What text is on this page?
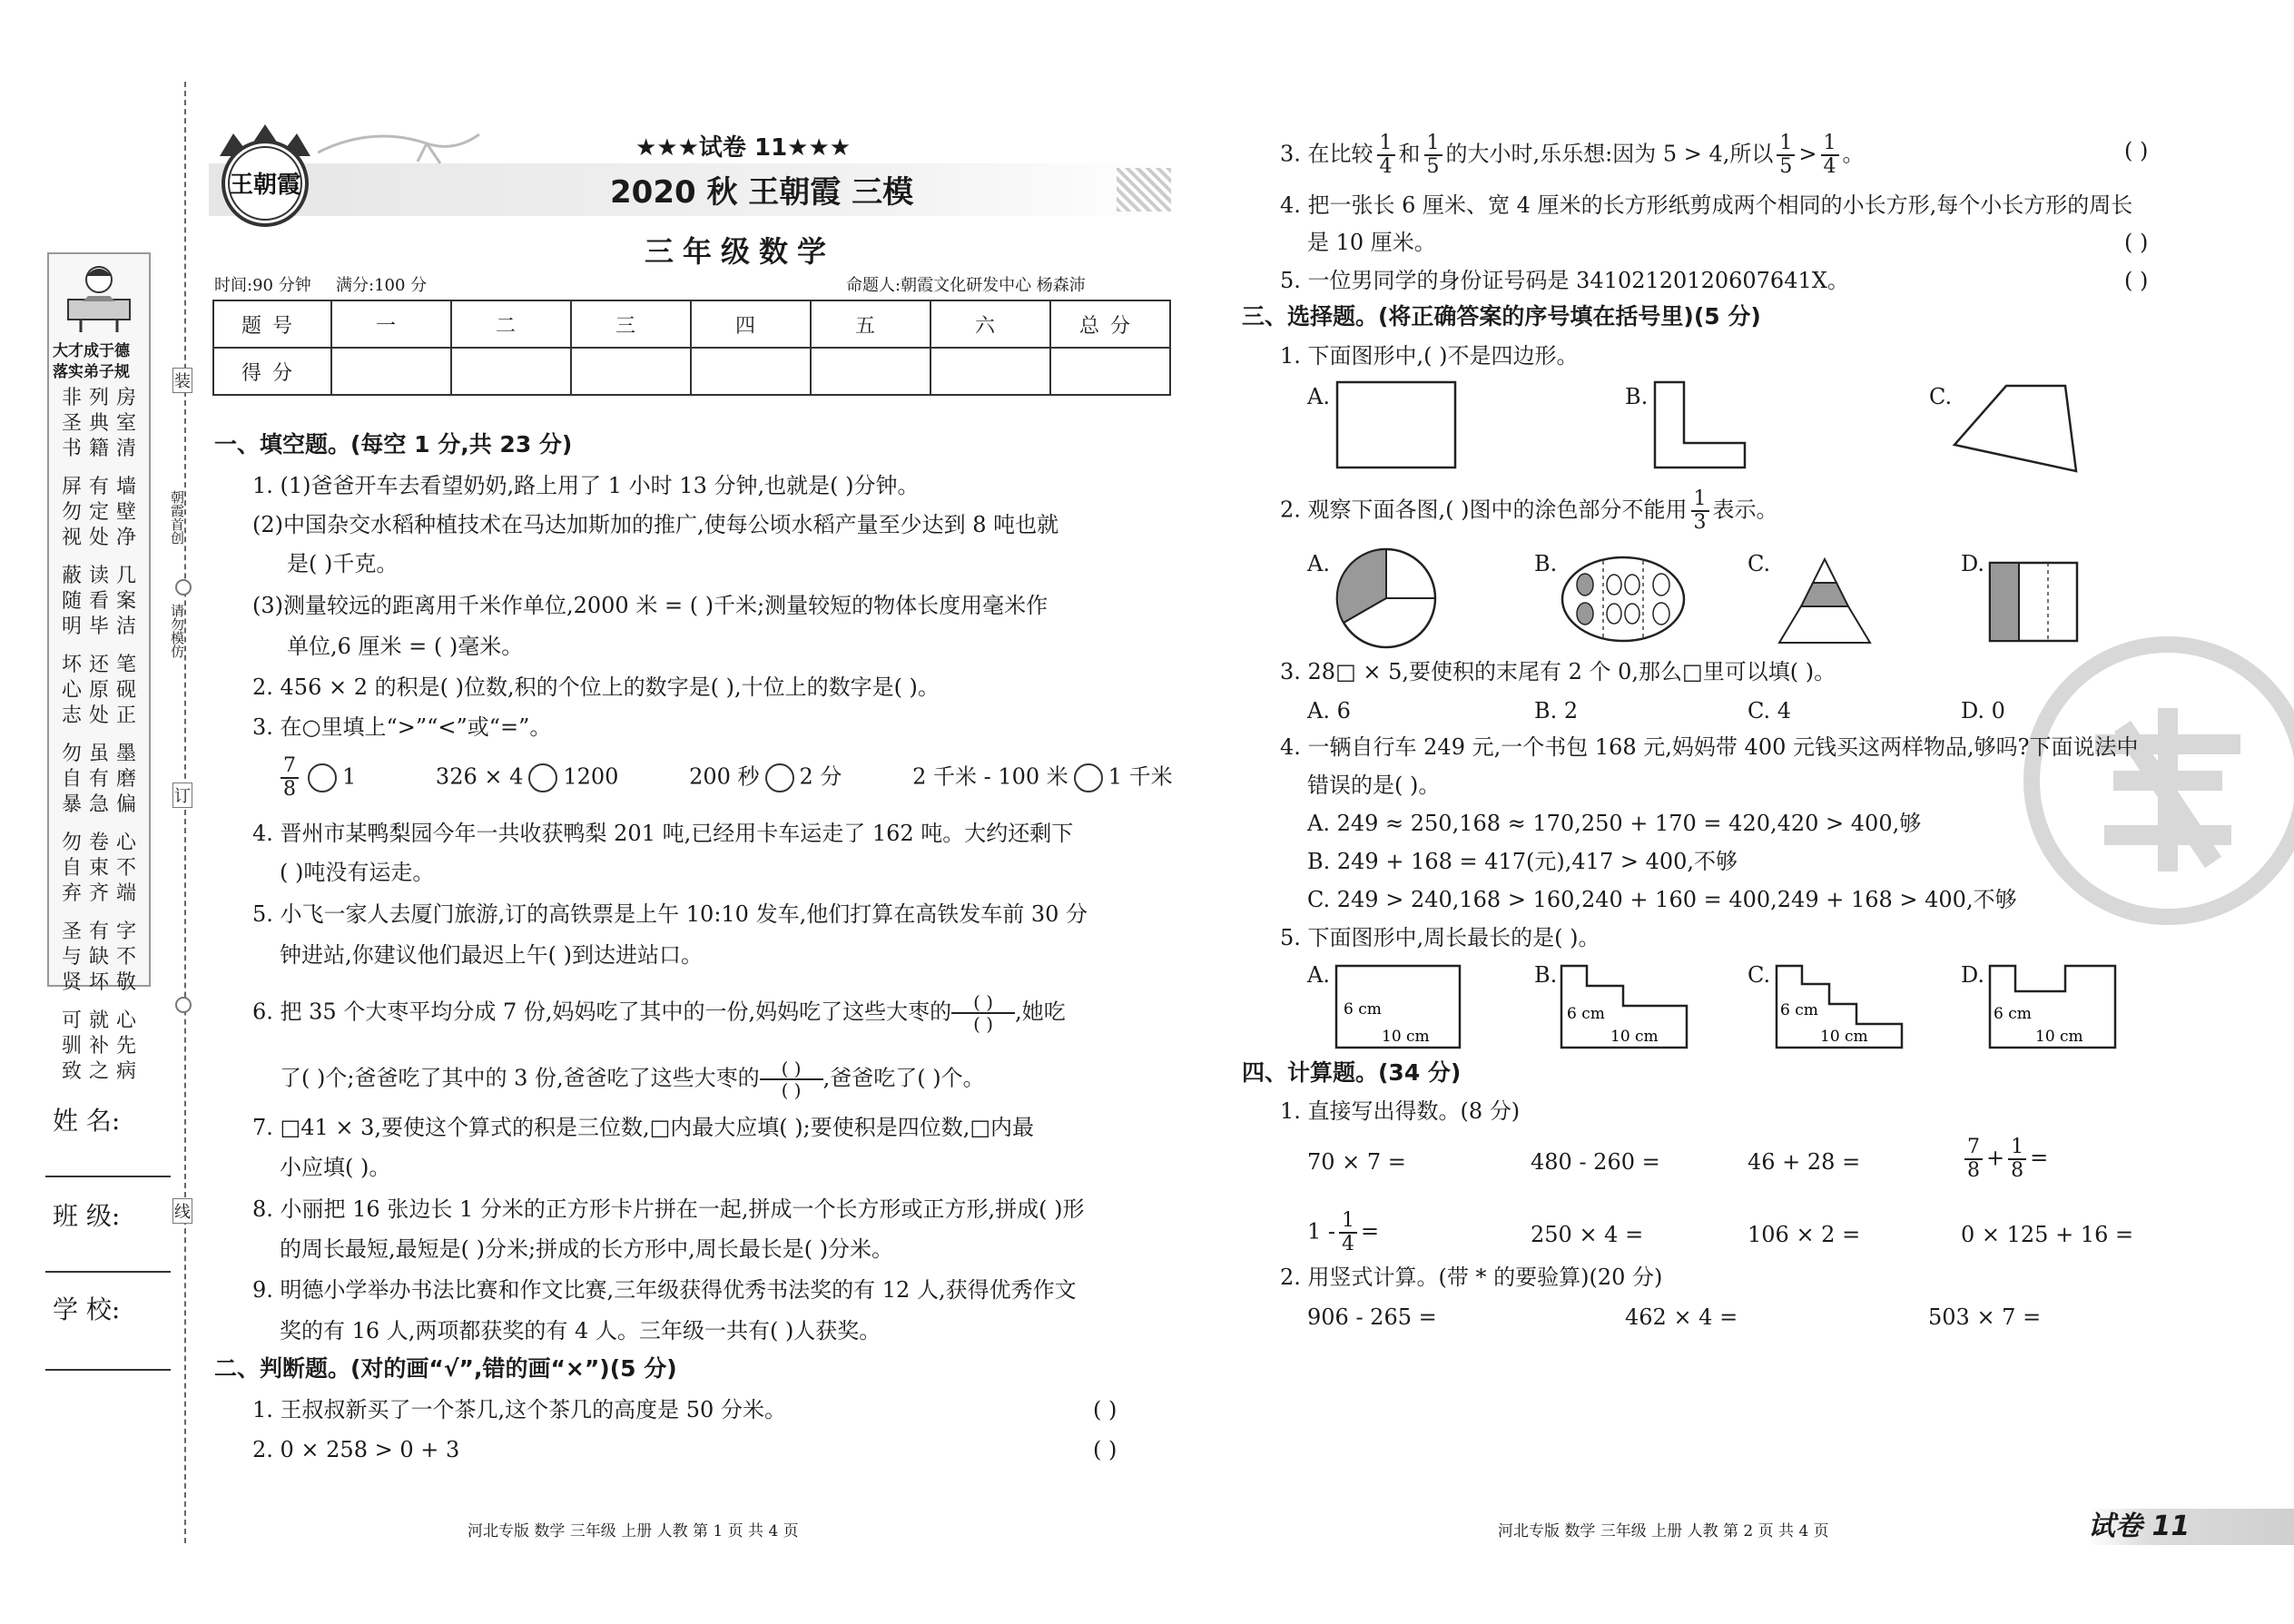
大才成于德
落实弟子规
非
圣
书

屏
勿
视

蔽
随
明

坏
心
志

勿
自
暴

勿
自
弃

圣
与
贤

可
驯
致
列
典
籍

有
定
处

读
看
毕

还
原
处

虽
有
急

卷
束
齐

有
缺
坏

就
补
之
房
室
清

墙
壁
净

几
案
洁

笔
砚
正

墨
磨
偏

心
不
端

字
不
敬

心
先
病
姓 名:
班 级:
学 校:
装
朝霞首创
请勿模仿
订
线
王朝霞
★★★试卷 11★★★
2020 秋 王朝霞 三模
三年级数学
时间:90 分钟 满分:100 分	命题人:朝霞文化研发中心 杨森沛
题号	一	二	三	四	五	六	总分
得分							
一、填空题。(每空 1 分,共 23 分)
1. (1)爸爸开车去看望奶奶,路上用了 1 小时 13 分钟,也就是( )分钟。
(2)中国杂交水稻种植技术在马达加斯加的推广,使每公顷水稻产量至少达到 8 吨也就
是( )千克。
(3)测量较远的距离用千米作单位,2000 米 = ( )千米;测量较短的物体长度用毫米作
单位,6 厘米 = ( )毫米。
2. 456 × 2 的积是( )位数,积的个位上的数字是( ),十位上的数字是( )。
3. 在○里填上“>”“<”或“=”。
$\frac{7}{8} 1$	326 × 4 1200	200 秒 2 分	2 千米 - 100 米 1 千米
4. 晋州市某鸭梨园今年一共收获鸭梨 201 吨,已经用卡车运走了 162 吨。大约还剩下
( )吨没有运走。
5. 小飞一家人去厦门旅游,订的高铁票是上午 10:10 发车,他们打算在高铁发车前 30 分
钟进站,你建议他们最迟上午( )到达进站口。
6. 把 35 个大枣平均分成 7 份,妈妈吃了其中的一份,妈妈吃了这些大枣的 $\frac{( )}{( )}$,她吃
了( )个;爸爸吃了其中的 3 份,爸爸吃了这些大枣的 $\frac{( )}{( )}$,爸爸吃了( )个。
7. □41 × 3,要使这个算式的积是三位数,□内最大应填( );要使积是四位数,□内最
小应填( )。
8. 小丽把 16 张边长 1 分米的正方形卡片拼在一起,拼成一个长方形或正方形,拼成( )形
的周长最短,最短是( )分米;拼成的长方形中,周长最长是( )分米。
9. 明德小学举办书法比赛和作文比赛,三年级获得优秀书法奖的有 12 人,获得优秀作文
奖的有 16 人,两项都获奖的有 4 人。三年级一共有( )人获奖。
二、判断题。(对的画“√”,错的画“×”)(5 分)
1. 王叔叔新买了一个茶几,这个茶几的高度是 50 分米。	( )
2. 0 × 258 > 0 + 3	( )
河北专版 数学 三年级 上册 人教 第 1 页 共 4 页
3. 在比较 $\frac{1}{4}$ 和 $\frac{1}{5}$ 的大小时,乐乐想:因为 5 > 4,所以 $\frac{1}{5} > \frac{1}{4}$ 。	( )
4. 把一张长 6 厘米、宽 4 厘米的长方形纸剪成两个相同的小长方形,每个小长方形的周长
是 10 厘米。	( )
5. 一位男同学的身份证号码是 34102120120607641X。	( )
三、选择题。(将正确答案的序号填在括号里)(5 分)
1. 下面图形中,( )不是四边形。
A.	B.	C.
2. 观察下面各图,( )图中的涂色部分不能用 $\frac{1}{3}$ 表示。
A.	B.	C.	D.
3. 28□ × 5,要使积的末尾有 2 个 0,那么□里可以填( )。
A. 6	B. 2	C. 4	D. 0
4. 一辆自行车 249 元,一个书包 168 元,妈妈带 400 元钱买这两样物品,够吗?下面说法中
错误的是( )。
A. 249 ≈ 250,168 ≈ 170,250 + 170 = 420,420 > 400,够
B. 249 + 168 = 417(元),417 > 400,不够
C. 249 > 240,168 > 160,240 + 160 = 400,249 + 168 > 400,不够
5. 下面图形中,周长最长的是( )。
A.
6 cm
10 cm
B.
6 cm
10 cm
C.
6 cm
10 cm
D.
6 cm
10 cm
四、计算题。(34 分)
1. 直接写出得数。(8 分)
70 × 7 =	480 - 260 =	46 + 28 =	$\frac{7}{8} + \frac{1}{8}$ =
$1 - \frac{1}{4}$ =	250 × 4 =	106 × 2 =	0 × 125 + 16 =
2. 用竖式计算。(带 * 的要验算)(20 分)
906 - 265 =	462 × 4 =	503 × 7 =
河北专版 数学 三年级 上册 人教 第 2 页 共 4 页	试卷 11
